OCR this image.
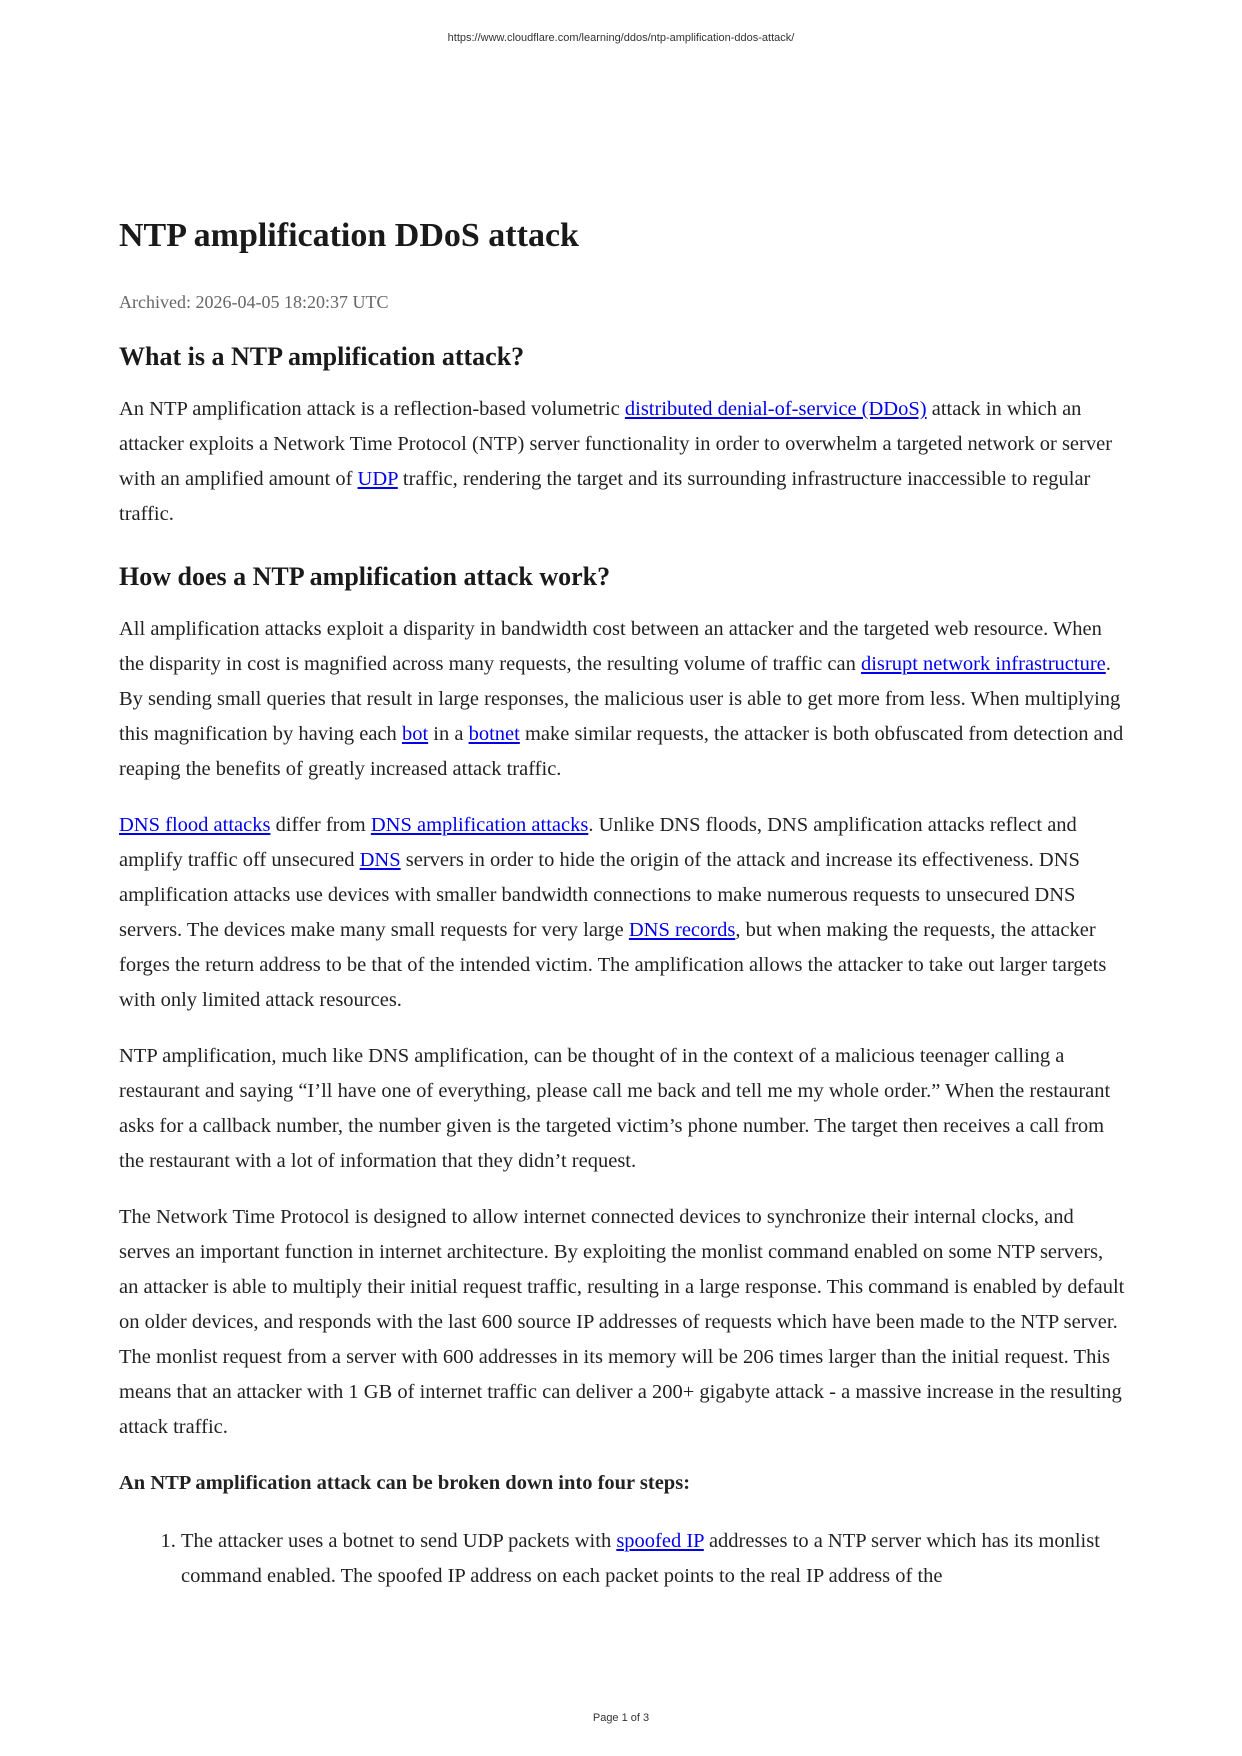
https://www.cloudflare.com/learning/ddos/ntp-amplification-ddos-attack/
NTP amplification DDoS attack
Archived: 2026-04-05 18:20:37 UTC
What is a NTP amplification attack?

An NTP amplification attack is a reflection-based volumetric distributed denial-of-service (DDoS) attack in which an attacker exploits a Network Time Protocol (NTP) server functionality in order to overwhelm a targeted network or server with an amplified amount of UDP traffic, rendering the target and its surrounding infrastructure inaccessible to regular traffic.

How does a NTP amplification attack work?

All amplification attacks exploit a disparity in bandwidth cost between an attacker and the targeted web resource. When the disparity in cost is magnified across many requests, the resulting volume of traffic can disrupt network infrastructure. By sending small queries that result in large responses, the malicious user is able to get more from less. When multiplying this magnification by having each bot in a botnet make similar requests, the attacker is both obfuscated from detection and reaping the benefits of greatly increased attack traffic.

DNS flood attacks differ from DNS amplification attacks. Unlike DNS floods, DNS amplification attacks reflect and amplify traffic off unsecured DNS servers in order to hide the origin of the attack and increase its effectiveness. DNS amplification attacks use devices with smaller bandwidth connections to make numerous requests to unsecured DNS servers. The devices make many small requests for very large DNS records, but when making the requests, the attacker forges the return address to be that of the intended victim. The amplification allows the attacker to take out larger targets with only limited attack resources.

NTP amplification, much like DNS amplification, can be thought of in the context of a malicious teenager calling a restaurant and saying “I’ll have one of everything, please call me back and tell me my whole order.” When the restaurant asks for a callback number, the number given is the targeted victim’s phone number. The target then receives a call from the restaurant with a lot of information that they didn’t request.

The Network Time Protocol is designed to allow internet connected devices to synchronize their internal clocks, and serves an important function in internet architecture. By exploiting the monlist command enabled on some NTP servers, an attacker is able to multiply their initial request traffic, resulting in a large response. This command is enabled by default on older devices, and responds with the last 600 source IP addresses of requests which have been made to the NTP server. The monlist request from a server with 600 addresses in its memory will be 206 times larger than the initial request. This means that an attacker with 1 GB of internet traffic can deliver a 200+ gigabyte attack - a massive increase in the resulting attack traffic.

An NTP amplification attack can be broken down into four steps:

1. The attacker uses a botnet to send UDP packets with spoofed IP addresses to a NTP server which has its monlist command enabled. The spoofed IP address on each packet points to the real IP address of the
Page 1 of 3
